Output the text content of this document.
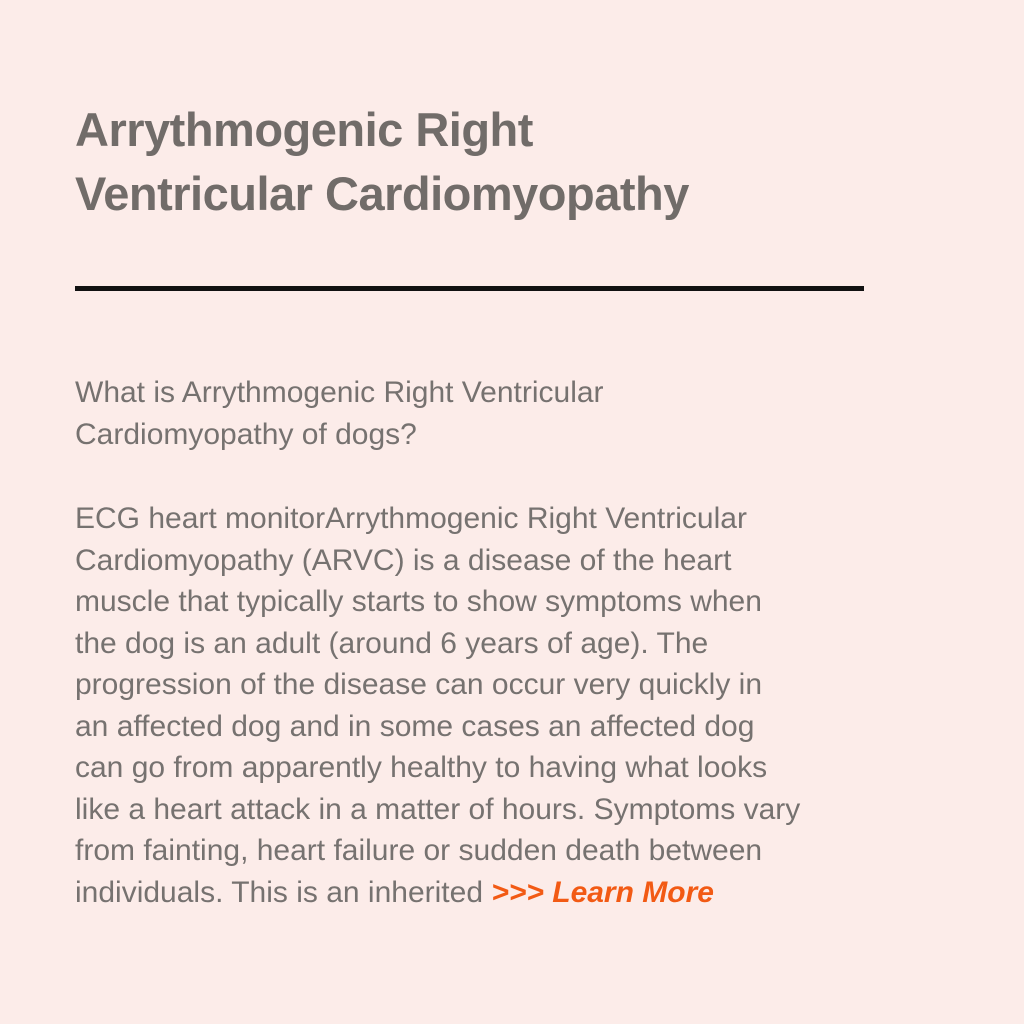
Arrythmogenic Right
Ventricular Cardiomyopathy

What is Arrythmogenic Right Ventricular
Cardiomyopathy of dogs?

ECG heart monitorArrythmogenic Right Ventricular
Cardiomyopathy (ARVC) is a disease of the heart
muscle that typically starts to show symptoms when
the dog is an adult (around 6 years of age). The
progression of the disease can occur very quickly in
an affected dog and in some cases an affected dog
can go from apparently healthy to having what looks
like a heart attack in a matter of hours. Symptoms vary
from fainting, heart failure or sudden death between
individuals. This is an inherited >>> Learn More
